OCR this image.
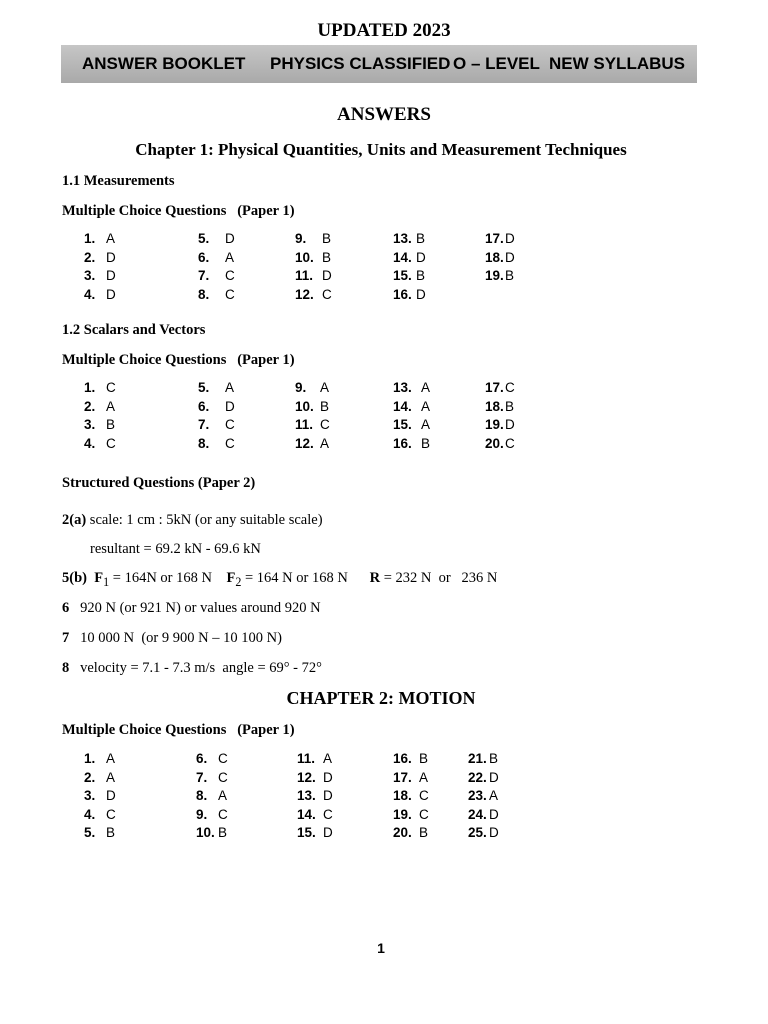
UPDATED 2023
ANSWER BOOKLET PHYSICS CLASSIFIED O – LEVEL NEW SYLLABUS
ANSWERS
Chapter 1: Physical Quantities, Units and Measurement Techniques
1.1 Measurements
Multiple Choice Questions   (Paper 1)
1. A
2. D
3. D
4. D
5. D
6. A
7. C
8. C
9. B
10. B
11. D
12. C
13. B
14. D
15. B
16. D
17.D
18.D
19.B
1.2 Scalars and Vectors
Multiple Choice Questions   (Paper 1)
1. C
2. A
3. B
4. C
5. A
6. D
7. C
8. C
9. A
10. B
11. C
12. A
13. A
14. A
15. A
16. B
17.C
18.B
19.D
20.C
Structured Questions (Paper 2)
2(a) scale: 1 cm : 5kN (or any suitable scale)
resultant = 69.2 kN - 69.6 kN
5(b) $F_1 = 164N$ or 168 N $F_2 = 164$ N or 168 N R = 232 N  or   236 N
6 920 N (or 921 N) or values around 920 N
7 10 000 N  (or 9 900 N – 10 100 N)
8 velocity = 7.1 - 7.3 m/s  angle = 69° - 72°
CHAPTER 2: MOTION
Multiple Choice Questions   (Paper 1)
1. A
2. A
3. D
4. C
5. B
6. C
7. C
8. A
9. C
10. B
11. A
12. D
13. D
14. C
15. D
16. B
17. A
18. C
19. C
20. B
21. B
22. D
23. A
24. D
25. D
1
